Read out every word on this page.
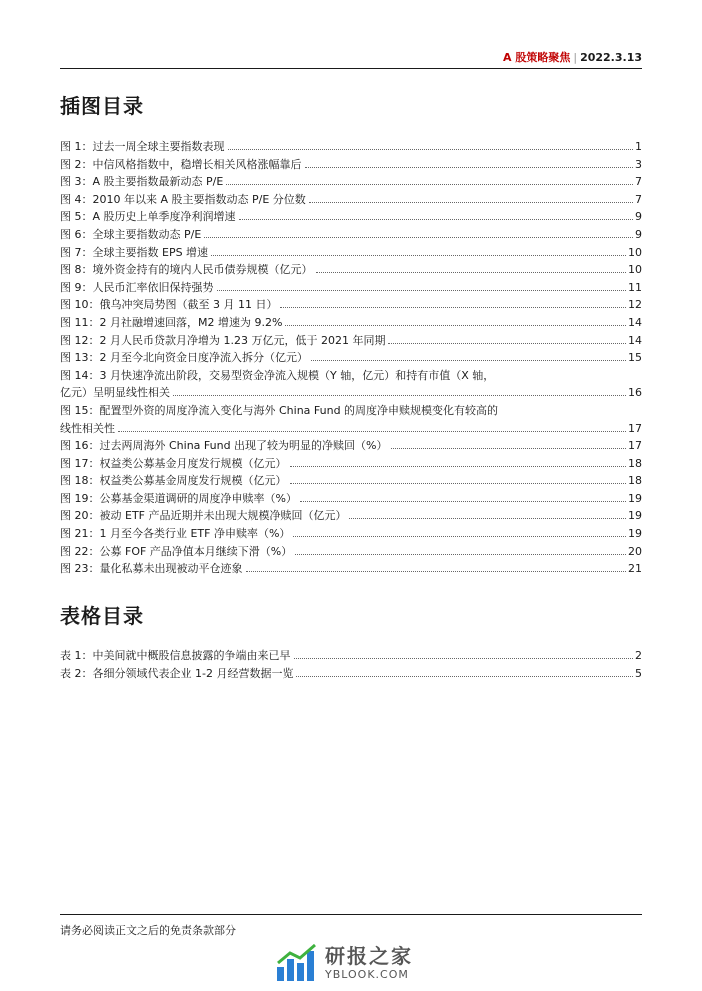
A 股策略聚焦 | 2022.3.13
插图目录
图 1：过去一周全球主要指数表现	1
图 2：中信风格指数中，稳增长相关风格涨幅靠后	3
图 3：A 股主要指数最新动态 P/E	7
图 4：2010 年以来 A 股主要指数动态 P/E 分位数	7
图 5：A 股历史上单季度净利润增速	9
图 6：全球主要指数动态 P/E	9
图 7：全球主要指数 EPS 增速	10
图 8：境外资金持有的境内人民币债券规模（亿元）	10
图 9：人民币汇率依旧保持强势	11
图 10：俄乌冲突局势图（截至 3 月 11 日）	12
图 11：2 月社融增速回落，M2 增速为 9.2%	14
图 12：2 月人民币贷款月净增为 1.23 万亿元，低于 2021 年同期	14
图 13：2 月至今北向资金日度净流入拆分（亿元）	15
图 14：3 月快速净流出阶段，交易型资金净流入规模（Y 轴，亿元）和持有市值（X 轴，
亿元）呈明显线性相关	16
图 15：配置型外资的周度净流入变化与海外 China Fund 的周度净申赎规模变化有较高的
线性相关性	17
图 16：过去两周海外 China Fund 出现了较为明显的净赎回（%）	17
图 17：权益类公募基金月度发行规模（亿元）	18
图 18：权益类公募基金周度发行规模（亿元）	18
图 19：公募基金渠道调研的周度净申赎率（%）	19
图 20：被动 ETF 产品近期并未出现大规模净赎回（亿元）	19
图 21：1 月至今各类行业 ETF 净申赎率（%）	19
图 22：公募 FOF 产品净值本月继续下滑（%）	20
图 23：量化私募未出现被动平仓迹象	21
表格目录
表 1：中美间就中概股信息披露的争端由来已早	2
表 2：各细分领域代表企业 1-2 月经营数据一览	5
请务必阅读正文之后的免责条款部分
研报之家
YBLOOK.COM
